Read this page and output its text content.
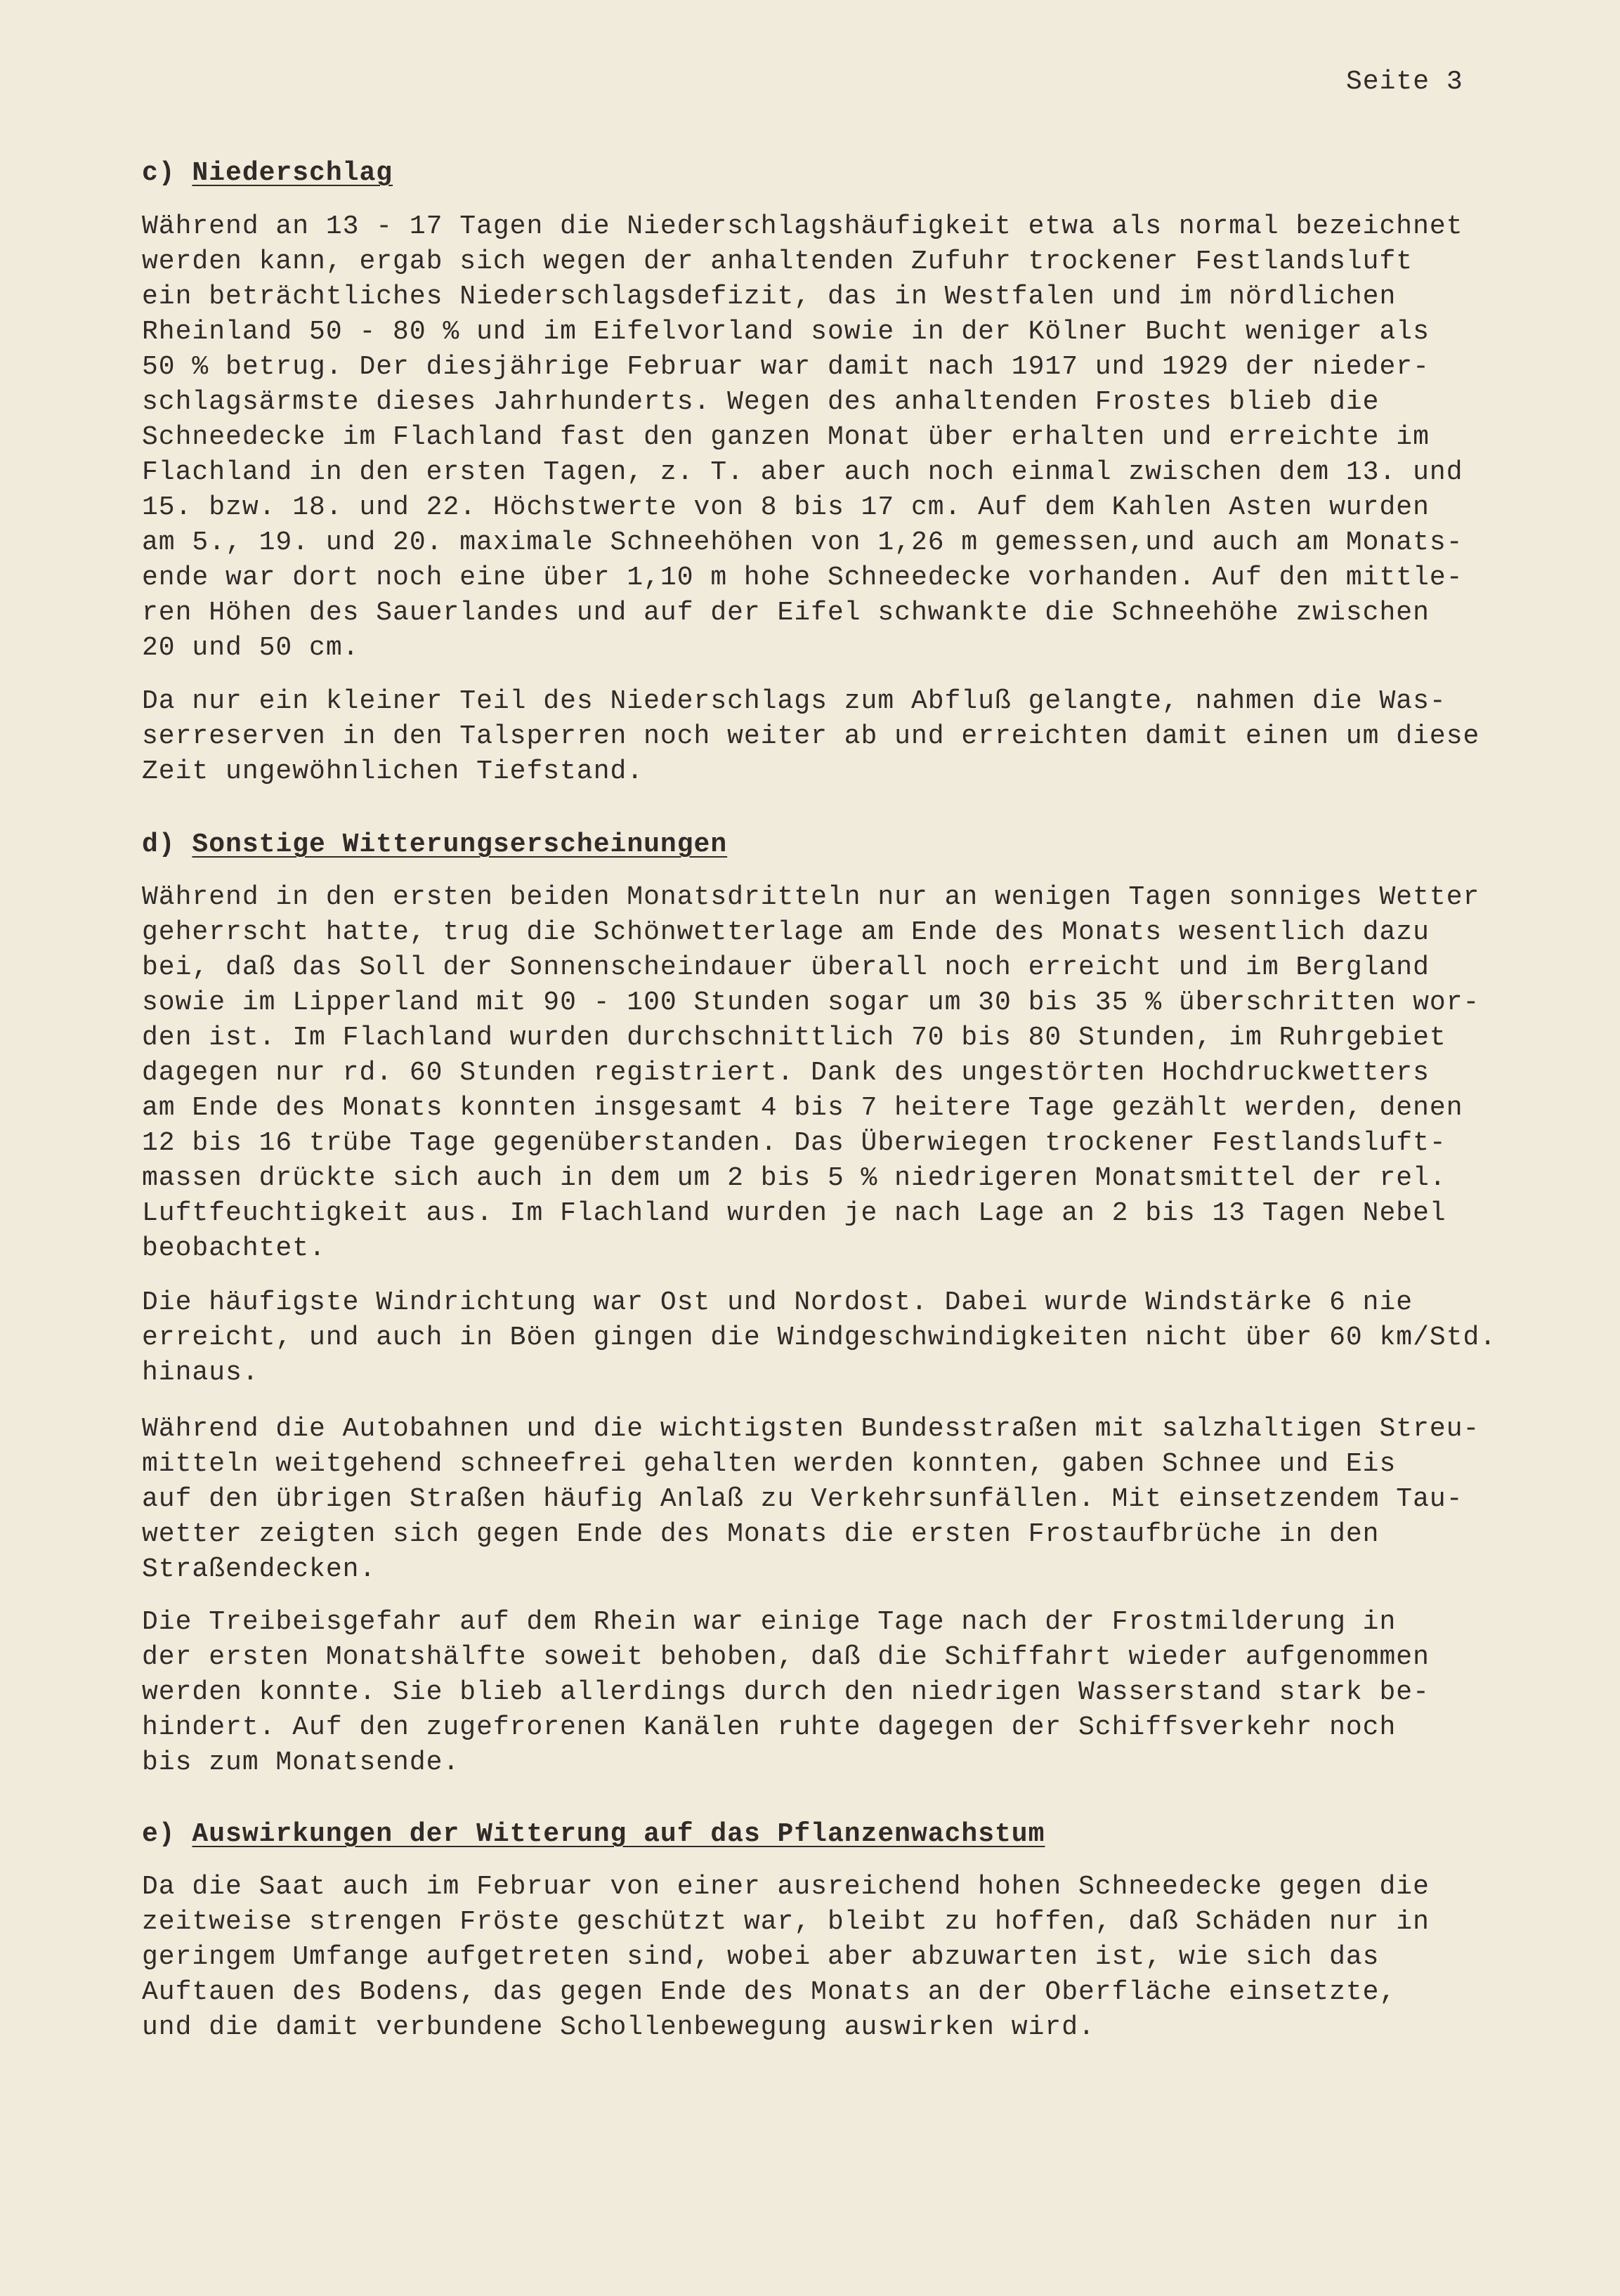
Seite 3

c) Niederschlag

Während an 13 - 17 Tagen die Niederschlagshäufigkeit etwa als normal bezeichnet
werden kann, ergab sich wegen der anhaltenden Zufuhr trockener Festlandsluft
ein beträchtliches Niederschlagsdefizit, das in Westfalen und im nördlichen
Rheinland 50 - 80 % und im Eifelvorland sowie in der Kölner Bucht weniger als
50 % betrug. Der diesjährige Februar war damit nach 1917 und 1929 der nieder-
schlagsärmste dieses Jahrhunderts. Wegen des anhaltenden Frostes blieb die
Schneedecke im Flachland fast den ganzen Monat über erhalten und erreichte im
Flachland in den ersten Tagen, z. T. aber auch noch einmal zwischen dem 13. und
15. bzw. 18. und 22. Höchstwerte von 8 bis 17 cm. Auf dem Kahlen Asten wurden
am 5., 19. und 20. maximale Schneehöhen von 1,26 m gemessen,und auch am Monats-
ende war dort noch eine über 1,10 m hohe Schneedecke vorhanden. Auf den mittle-
ren Höhen des Sauerlandes und auf der Eifel schwankte die Schneehöhe zwischen
20 und 50 cm.

Da nur ein kleiner Teil des Niederschlags zum Abfluß gelangte, nahmen die Was-
serreserven in den Talsperren noch weiter ab und erreichten damit einen um diese
Zeit ungewöhnlichen Tiefstand.

d) Sonstige Witterungserscheinungen

Während in den ersten beiden Monatsdritteln nur an wenigen Tagen sonniges Wetter
geherrscht hatte, trug die Schönwetterlage am Ende des Monats wesentlich dazu
bei, daß das Soll der Sonnenscheindauer überall noch erreicht und im Bergland
sowie im Lipperland mit 90 - 100 Stunden sogar um 30 bis 35 % überschritten wor-
den ist. Im Flachland wurden durchschnittlich 70 bis 80 Stunden, im Ruhrgebiet
dagegen nur rd. 60 Stunden registriert. Dank des ungestörten Hochdruckwetters
am Ende des Monats konnten insgesamt 4 bis 7 heitere Tage gezählt werden, denen
12 bis 16 trübe Tage gegenüberstanden. Das Überwiegen trockener Festlandsluft-
massen drückte sich auch in dem um 2 bis 5 % niedrigeren Monatsmittel der rel.
Luftfeuchtigkeit aus. Im Flachland wurden je nach Lage an 2 bis 13 Tagen Nebel
beobachtet.

Die häufigste Windrichtung war Ost und Nordost. Dabei wurde Windstärke 6 nie
erreicht, und auch in Böen gingen die Windgeschwindigkeiten nicht über 60 km/Std.
hinaus.

Während die Autobahnen und die wichtigsten Bundesstraßen mit salzhaltigen Streu-
mitteln weitgehend schneefrei gehalten werden konnten, gaben Schnee und Eis
auf den übrigen Straßen häufig Anlaß zu Verkehrsunfällen. Mit einsetzendem Tau-
wetter zeigten sich gegen Ende des Monats die ersten Frostaufbrüche in den
Straßendecken.

Die Treibeisgefahr auf dem Rhein war einige Tage nach der Frostmilderung in
der ersten Monatshälfte soweit behoben, daß die Schiffahrt wieder aufgenommen
werden konnte. Sie blieb allerdings durch den niedrigen Wasserstand stark be-
hindert. Auf den zugefrorenen Kanälen ruhte dagegen der Schiffsverkehr noch
bis zum Monatsende.

e) Auswirkungen der Witterung auf das Pflanzenwachstum

Da die Saat auch im Februar von einer ausreichend hohen Schneedecke gegen die
zeitweise strengen Fröste geschützt war, bleibt zu hoffen, daß Schäden nur in
geringem Umfange aufgetreten sind, wobei aber abzuwarten ist, wie sich das
Auftauen des Bodens, das gegen Ende des Monats an der Oberfläche einsetzte,
und die damit verbundene Schollenbewegung auswirken wird.
